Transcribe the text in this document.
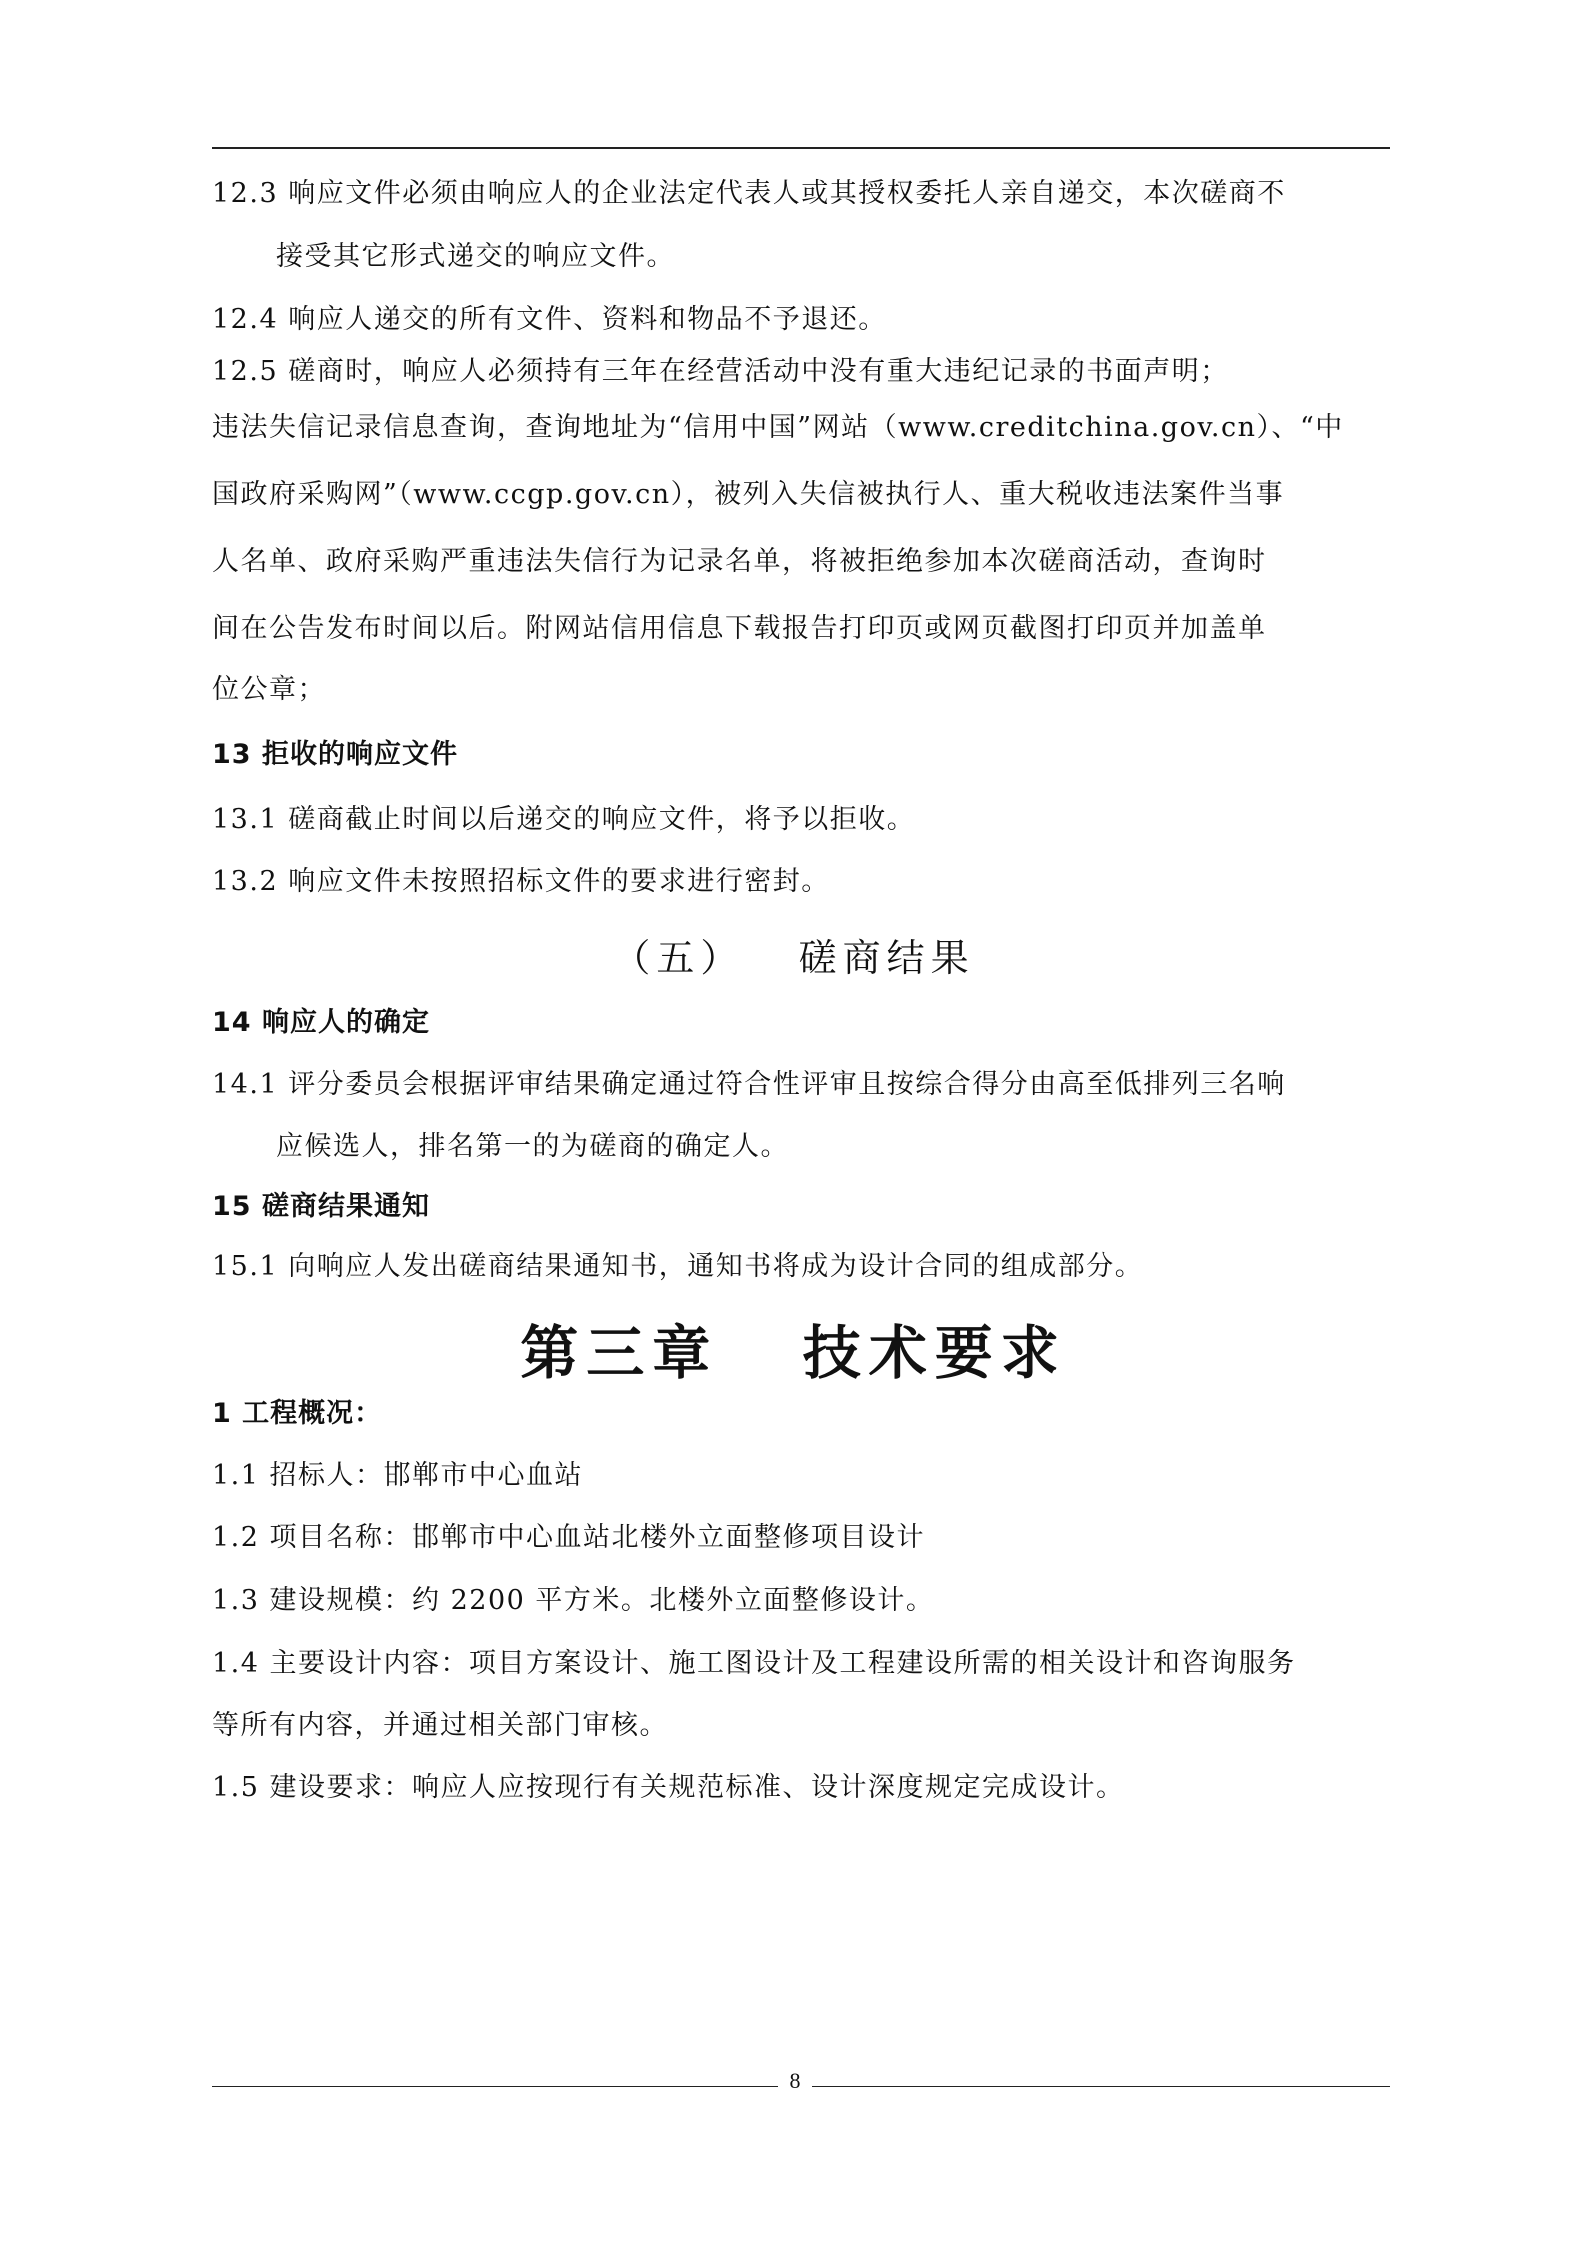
12.3 响应文件必须由响应人的企业法定代表人或其授权委托人亲自递交，本次磋商不
接受其它形式递交的响应文件。
12.4 响应人递交的所有文件、资料和物品不予退还。
12.5 磋商时，响应人必须持有三年在经营活动中没有重大违纪记录的书面声明；
违法失信记录信息查询，查询地址为“信用中国”网站（www.creditchina.gov.cn）、“中
国政府采购网”（www.ccgp.gov.cn），被列入失信被执行人、重大税收违法案件当事
人名单、政府采购严重违法失信行为记录名单，将被拒绝参加本次磋商活动，查询时
间在公告发布时间以后。附网站信用信息下载报告打印页或网页截图打印页并加盖单
位公章；
13 拒收的响应文件
13.1 磋商截止时间以后递交的响应文件，将予以拒收。
13.2 响应文件未按照招标文件的要求进行密封。
（五）   磋商结果
14 响应人的确定
14.1 评分委员会根据评审结果确定通过符合性评审且按综合得分由高至低排列三名响
应候选人，排名第一的为磋商的确定人。
15 磋商结果通知
15.1 向响应人发出磋商结果通知书，通知书将成为设计合同的组成部分。
第三章   技术要求
1 工程概况：
1.1 招标人：邯郸市中心血站
1.2 项目名称：邯郸市中心血站北楼外立面整修项目设计
1.3 建设规模：约 2200 平方米。北楼外立面整修设计。
1.4 主要设计内容：项目方案设计、施工图设计及工程建设所需的相关设计和咨询服务
等所有内容，并通过相关部门审核。
1.5 建设要求：响应人应按现行有关规范标准、设计深度规定完成设计。
8
